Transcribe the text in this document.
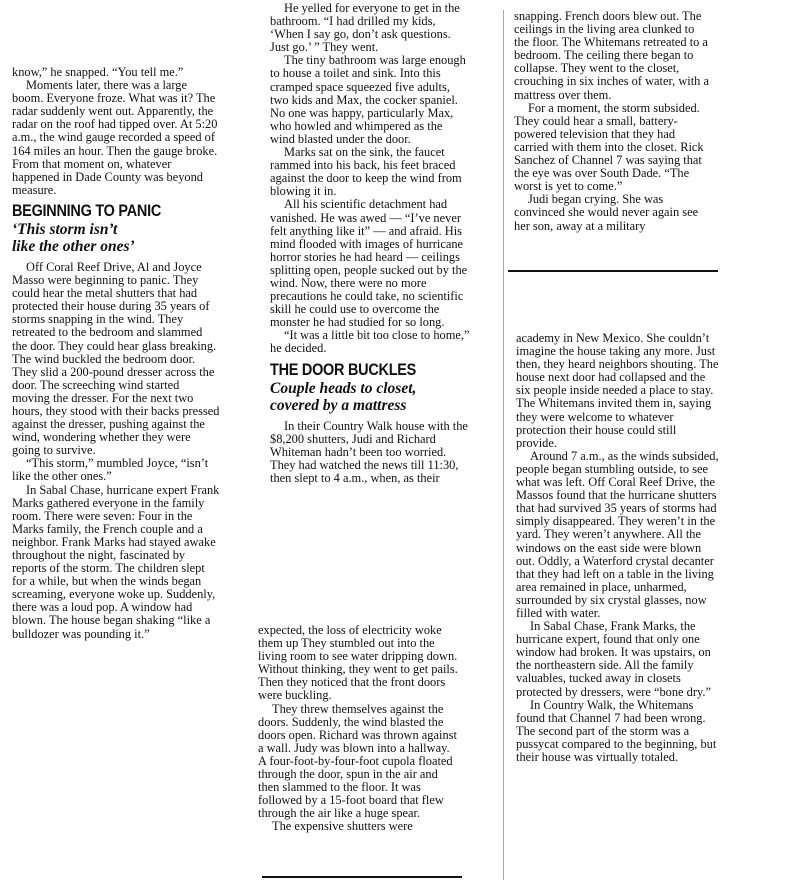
know,” he snapped. “You tell me.”

Moments later, there was a large boom. Everyone froze. What was it? The radar suddenly went out. Apparently, the radar on the roof had tipped over. At 5:20 a.m., the wind gauge recorded a speed of 164 miles an hour. Then the gauge broke. From that moment on, whatever happened in Dade County was beyond measure.

BEGINNING TO PANIC
‘This storm isn’t
like the other ones’

Off Coral Reef Drive, Al and Joyce Masso were beginning to panic. They could hear the metal shutters that had protected their house during 35 years of storms snapping in the wind. They retreated to the bedroom and slammed the door. They could hear glass breaking. The wind buckled the bedroom door. They slid a 200-pound dresser across the door. The screeching wind started moving the dresser. For the next two hours, they stood with their backs pressed against the dresser, pushing against the wind, wondering whether they were going to survive.

“This storm,” mumbled Joyce, “isn’t like the other ones.”

In Sabal Chase, hurricane expert Frank Marks gathered everyone in the family room. There were seven: Four in the Marks family, the French couple and a neighbor. Frank Marks had stayed awake throughout the night, fascinated by reports of the storm. The children slept for a while, but when the winds began screaming, everyone woke up. Suddenly, there was a loud pop. A window had blown. The house began shaking “like a bulldozer was pounding it.”

He yelled for everyone to get in the bathroom. “I had drilled my kids, ‘When I say go, don’t ask questions. Just go.’ ” They went.

The tiny bathroom was large enough to house a toilet and sink. Into this cramped space squeezed five adults, two kids and Max, the cocker spaniel. No one was happy, particularly Max, who howled and whimpered as the wind blasted under the door.

Marks sat on the sink, the faucet rammed into his back, his feet braced against the door to keep the wind from blowing it in.

All his scientific detachment had vanished. He was awed — “I’ve never felt anything like it” — and afraid. His mind flooded with images of hurricane horror stories he had heard — ceilings splitting open, people sucked out by the wind. Now, there were no more precautions he could take, no scientific skill he could use to overcome the monster he had studied for so long.

“It was a little bit too close to home,” he decided.

THE DOOR BUCKLES
Couple heads to closet,
covered by a mattress

In their Country Walk house with the $8,200 shutters, Judi and Richard Whiteman hadn’t been too worried. They had watched the news till 11:30, then slept to 4 a.m., when, as their

expected, the loss of electricity woke them up They stumbled out into the living room to see water dripping down. Without thinking, they went to get pails. Then they noticed that the front doors were buckling.

They threw themselves against the doors. Suddenly, the wind blasted the doors open. Richard was thrown against a wall. Judy was blown into a hallway. A four-foot-by-four-foot cupola floated through the door, spun in the air and then slammed to the floor. It was followed by a 15-foot board that flew through the air like a huge spear.

The expensive shutters were

snapping. French doors blew out. The ceilings in the living area clunked to the floor. The Whitemans retreated to a bedroom. The ceiling there began to collapse. They went to the closet, crouching in six inches of water, with a mattress over them.

For a moment, the storm subsided. They could hear a small, battery-powered television that they had carried with them into the closet. Rick Sanchez of Channel 7 was saying that the eye was over South Dade. “The worst is yet to come.”

Judi began crying. She was convinced she would never again see her son, away at a military

academy in New Mexico. She couldn’t imagine the house taking any more. Just then, they heard neighbors shouting. The house next door had collapsed and the six people inside needed a place to stay. The Whitemans invited them in, saying they were welcome to whatever protection their house could still provide.

Around 7 a.m., as the winds subsided, people began stumbling outside, to see what was left. Off Coral Reef Drive, the Massos found that the hurricane shutters that had survived 35 years of storms had simply disappeared. They weren’t in the yard. They weren’t anywhere. All the windows on the east side were blown out. Oddly, a Waterford crystal decanter that they had left on a table in the living area remained in place, unharmed, surrounded by six crystal glasses, now filled with water.

In Sabal Chase, Frank Marks, the hurricane expert, found that only one window had broken. It was upstairs, on the northeastern side. All the family valuables, tucked away in closets protected by dressers, were “bone dry.”

In Country Walk, the Whitemans found that Channel 7 had been wrong. The second part of the storm was a pussycat compared to the beginning, but their house was virtually totaled.
